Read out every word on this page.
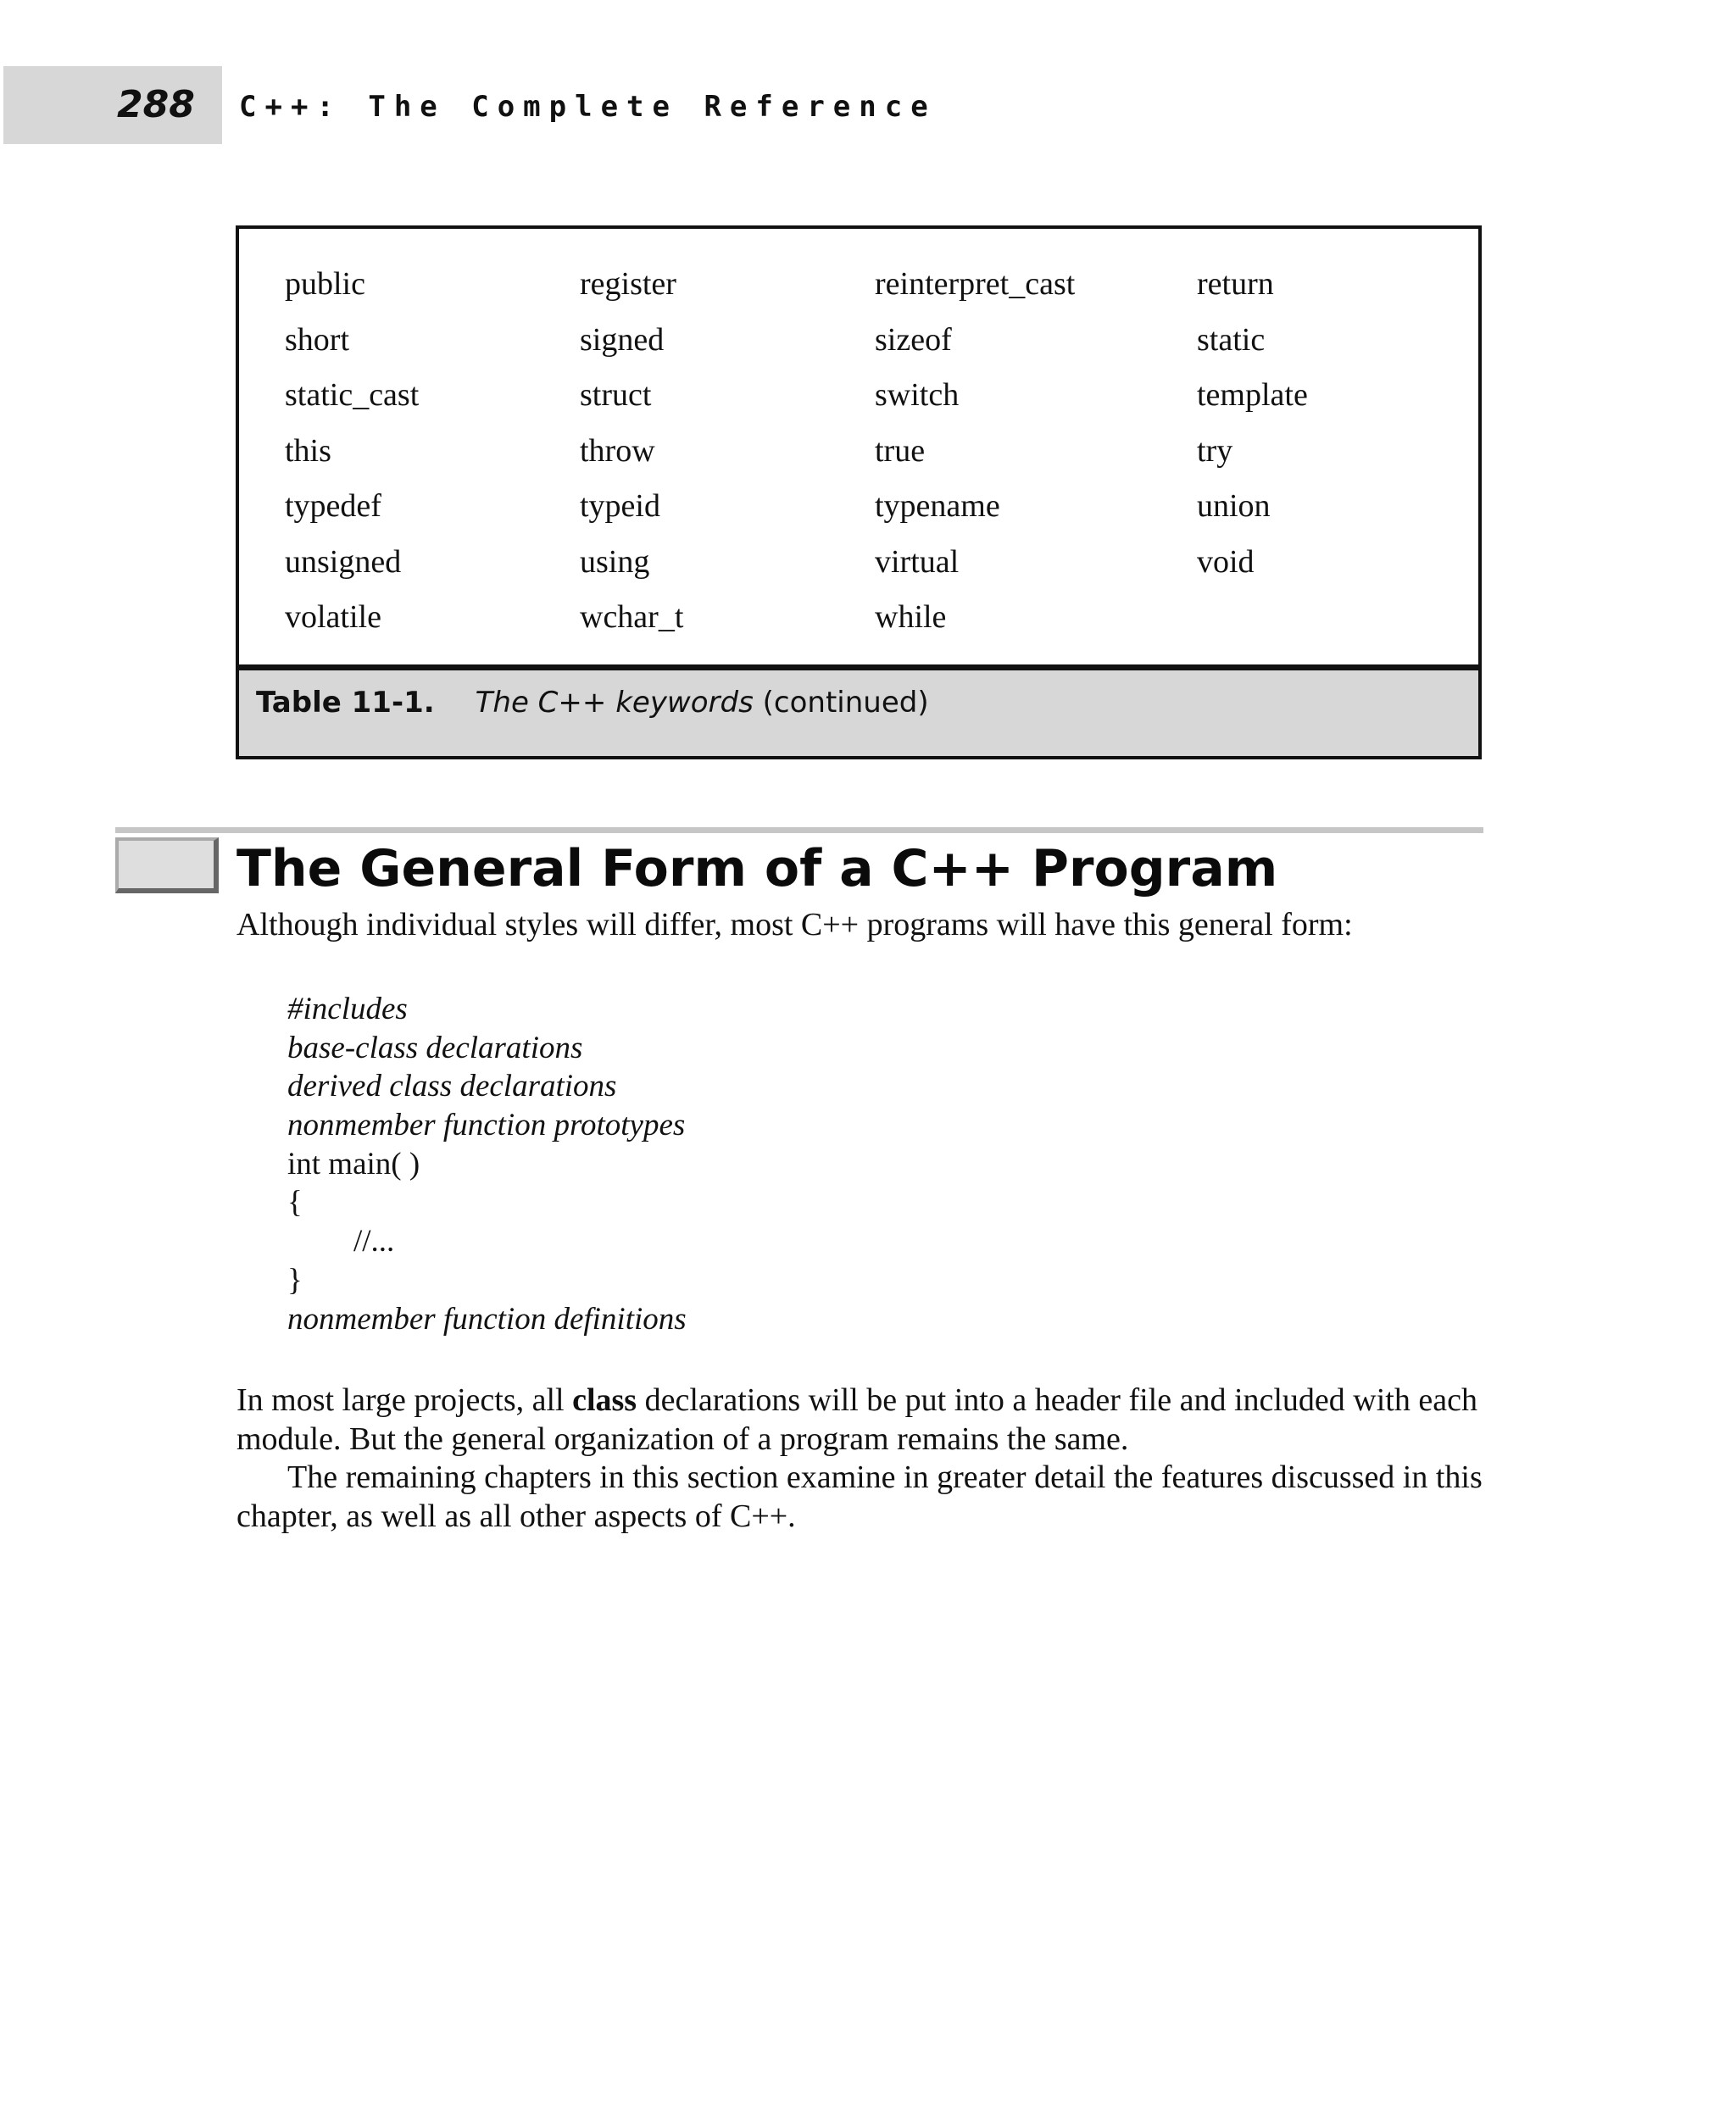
288 C++: The Complete Reference
public	register	reinterpret_cast	return
short	signed	sizeof	static
static_cast	struct	switch	template
this	throw	true	try
typedef	typeid	typename	union
unsigned	using	virtual	void
volatile	wchar_t	while
Table 11-1. The C++ keywords (continued)
The General Form of a C++ Program
Although individual styles will differ, most C++ programs will have this general form:
#includes
base-class declarations
derived class declarations
nonmember function prototypes
int main( )
{
//...
}
nonmember function definitions

In most large projects, all class declarations will be put into a header file and included with each module. But the general organization of a program remains the same.

The remaining chapters in this section examine in greater detail the features discussed in this chapter, as well as all other aspects of C++.
